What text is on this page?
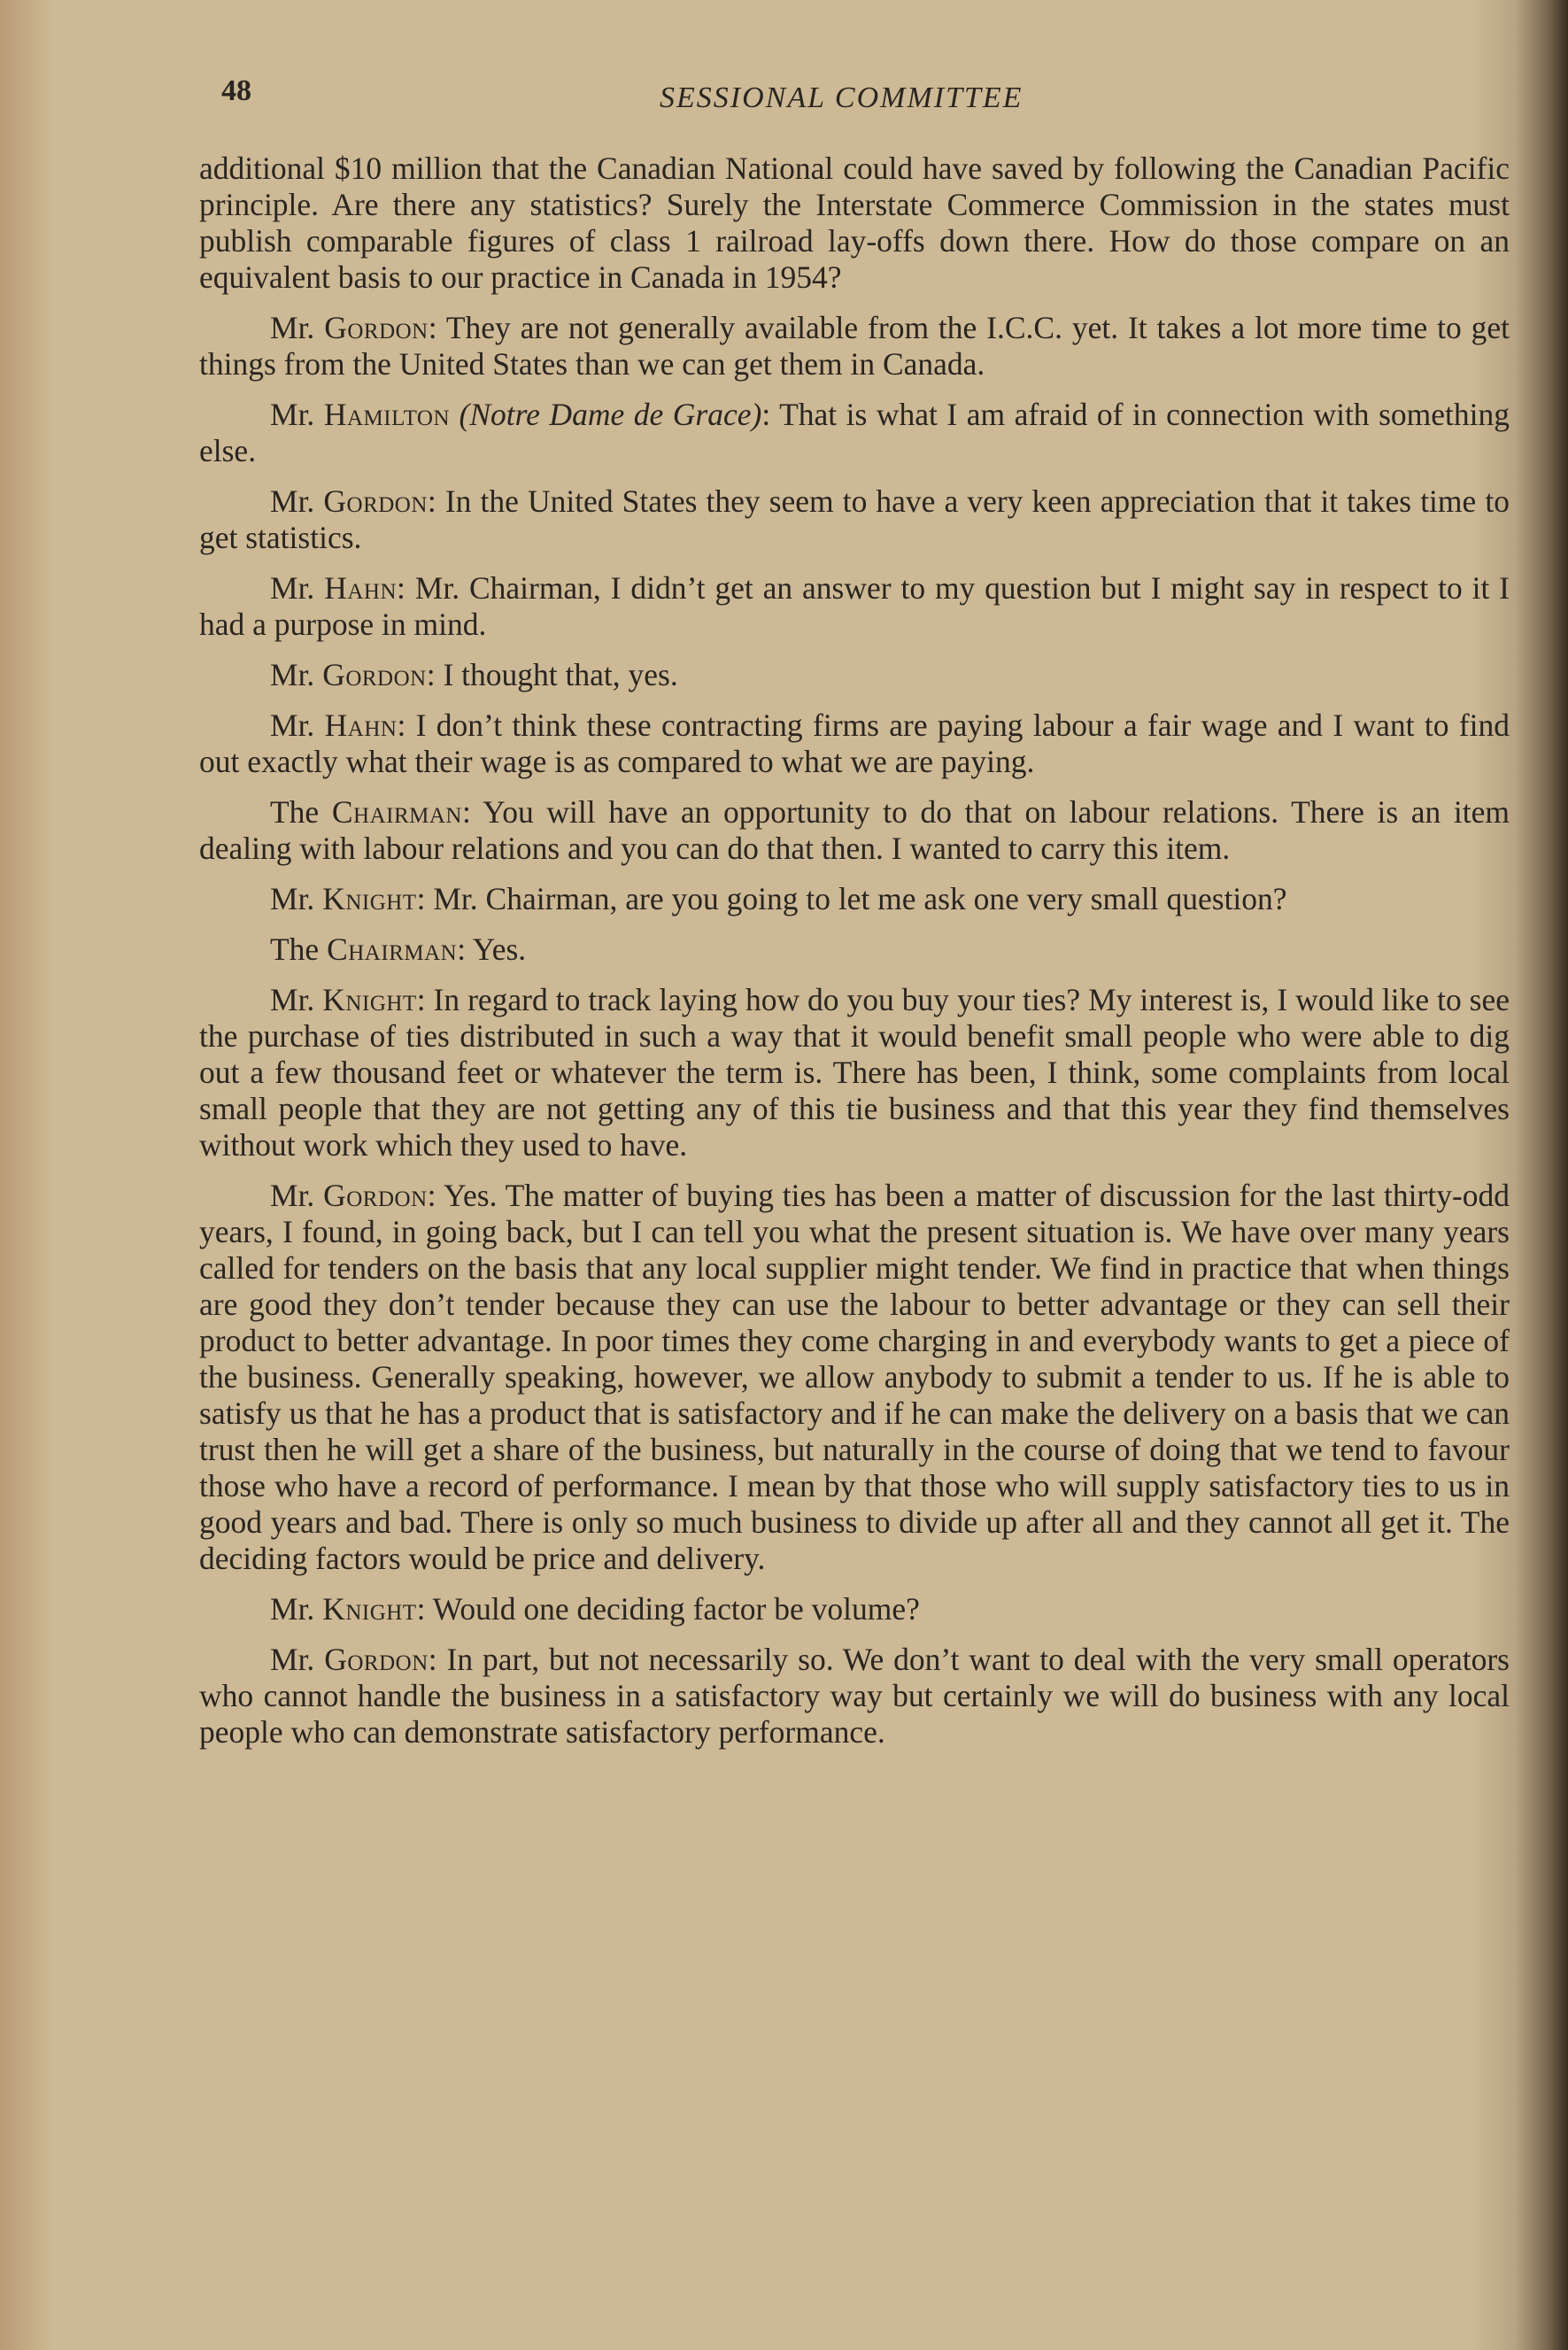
48	SESSIONAL COMMITTEE

additional $10 million that the Canadian National could have saved by following the Canadian Pacific principle. Are there any statistics? Surely the Interstate Commerce Commission in the states must publish comparable figures of class 1 railroad lay-offs down there. How do those compare on an equivalent basis to our practice in Canada in 1954?

Mr. Gordon: They are not generally available from the I.C.C. yet. It takes a lot more time to get things from the United States than we can get them in Canada.

Mr. Hamilton (Notre Dame de Grace): That is what I am afraid of in connection with something else.

Mr. Gordon: In the United States they seem to have a very keen appreciation that it takes time to get statistics.

Mr. Hahn: Mr. Chairman, I didn’t get an answer to my question but I might say in respect to it I had a purpose in mind.

Mr. Gordon: I thought that, yes.

Mr. Hahn: I don’t think these contracting firms are paying labour a fair wage and I want to find out exactly what their wage is as compared to what we are paying.

The Chairman: You will have an opportunity to do that on labour relations. There is an item dealing with labour relations and you can do that then. I wanted to carry this item.

Mr. Knight: Mr. Chairman, are you going to let me ask one very small question?

The Chairman: Yes.

Mr. Knight: In regard to track laying how do you buy your ties? My interest is, I would like to see the purchase of ties distributed in such a way that it would benefit small people who were able to dig out a few thousand feet or whatever the term is. There has been, I think, some complaints from local small people that they are not getting any of this tie business and that this year they find themselves without work which they used to have.

Mr. Gordon: Yes. The matter of buying ties has been a matter of discussion for the last thirty-odd years, I found, in going back, but I can tell you what the present situation is. We have over many years called for tenders on the basis that any local supplier might tender. We find in practice that when things are good they don’t tender because they can use the labour to better advantage or they can sell their product to better advantage. In poor times they come charging in and everybody wants to get a piece of the business. Generally speaking, however, we allow anybody to submit a tender to us. If he is able to satisfy us that he has a product that is satisfactory and if he can make the delivery on a basis that we can trust then he will get a share of the business, but naturally in the course of doing that we tend to favour those who have a record of performance. I mean by that those who will supply satisfactory ties to us in good years and bad. There is only so much business to divide up after all and they cannot all get it. The deciding factors would be price and delivery.

Mr. Knight: Would one deciding factor be volume?

Mr. Gordon: In part, but not necessarily so. We don’t want to deal with the very small operators who cannot handle the business in a satisfactory way but certainly we will do business with any local people who can demonstrate satisfactory performance.
